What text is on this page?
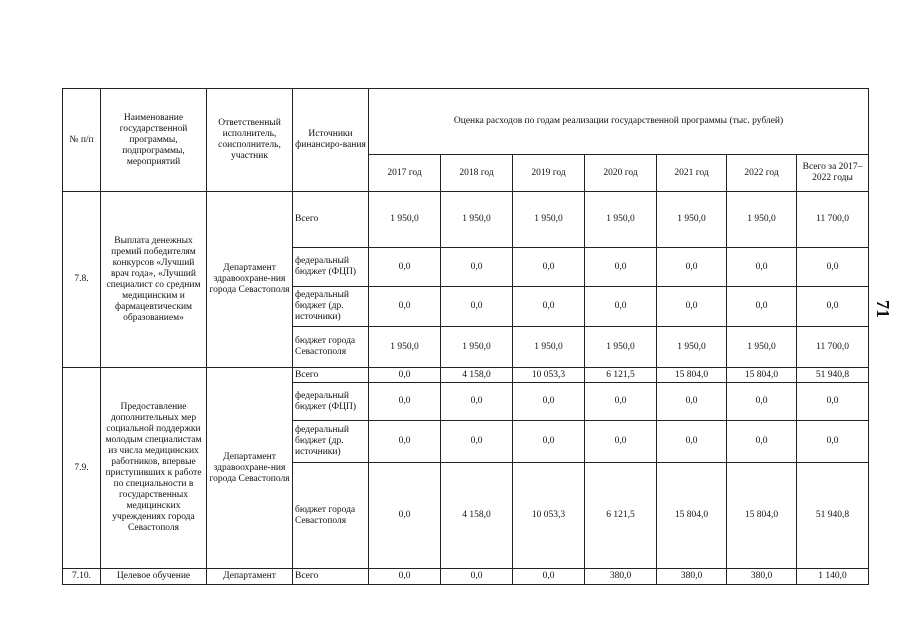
71
№ п/п	Наименование государственной программы, подпрограммы, мероприятий	Ответственный исполнитель, соисполнитель, участник	Источники финансиро-вания	Оценка расходов по годам реализации государственной программы (тыс. рублей)						
				2017 год	2018 год	2019 год	2020 год	2021 год	2022 год	Всего за 2017–2022 годы
7.8.	Выплата денежных премий победителям конкурсов «Лучший врач года», «Лучший специалист со средним медицинским и фармацевтическим образованием»	Департамент здравоохране-ния города Севастополя	Всего	1 950,0	1 950,0	1 950,0	1 950,0	1 950,0	1 950,0	11 700,0
			федеральный бюджет (ФЦП)	0,0	0,0	0,0	0,0	0,0	0,0	0,0
			федеральный бюджет (др. источники)	0,0	0,0	0,0	0,0	0,0	0,0	0,0
			бюджет города Севастополя	1 950,0	1 950,0	1 950,0	1 950,0	1 950,0	1 950,0	11 700,0
7.9.	Предоставление дополнительных мер социальной поддержки молодым специалистам из числа медицинских работников, впервые приступивших к работе по специальности в государственных медицинских учреждениях города Севастополя	Департамент здравоохране-ния города Севастополя	Всего	0,0	4 158,0	10 053,3	6 121,5	15 804,0	15 804,0	51 940,8
			федеральный бюджет (ФЦП)	0,0	0,0	0,0	0,0	0,0	0,0	0,0
			федеральный бюджет (др. источники)	0,0	0,0	0,0	0,0	0,0	0,0	0,0
			бюджет города Севастополя	0,0	4 158,0	10 053,3	6 121,5	15 804,0	15 804,0	51 940,8
7.10.	Целевое обучение	Департамент	Всего	0,0	0,0	0,0	380,0	380,0	380,0	1 140,0
